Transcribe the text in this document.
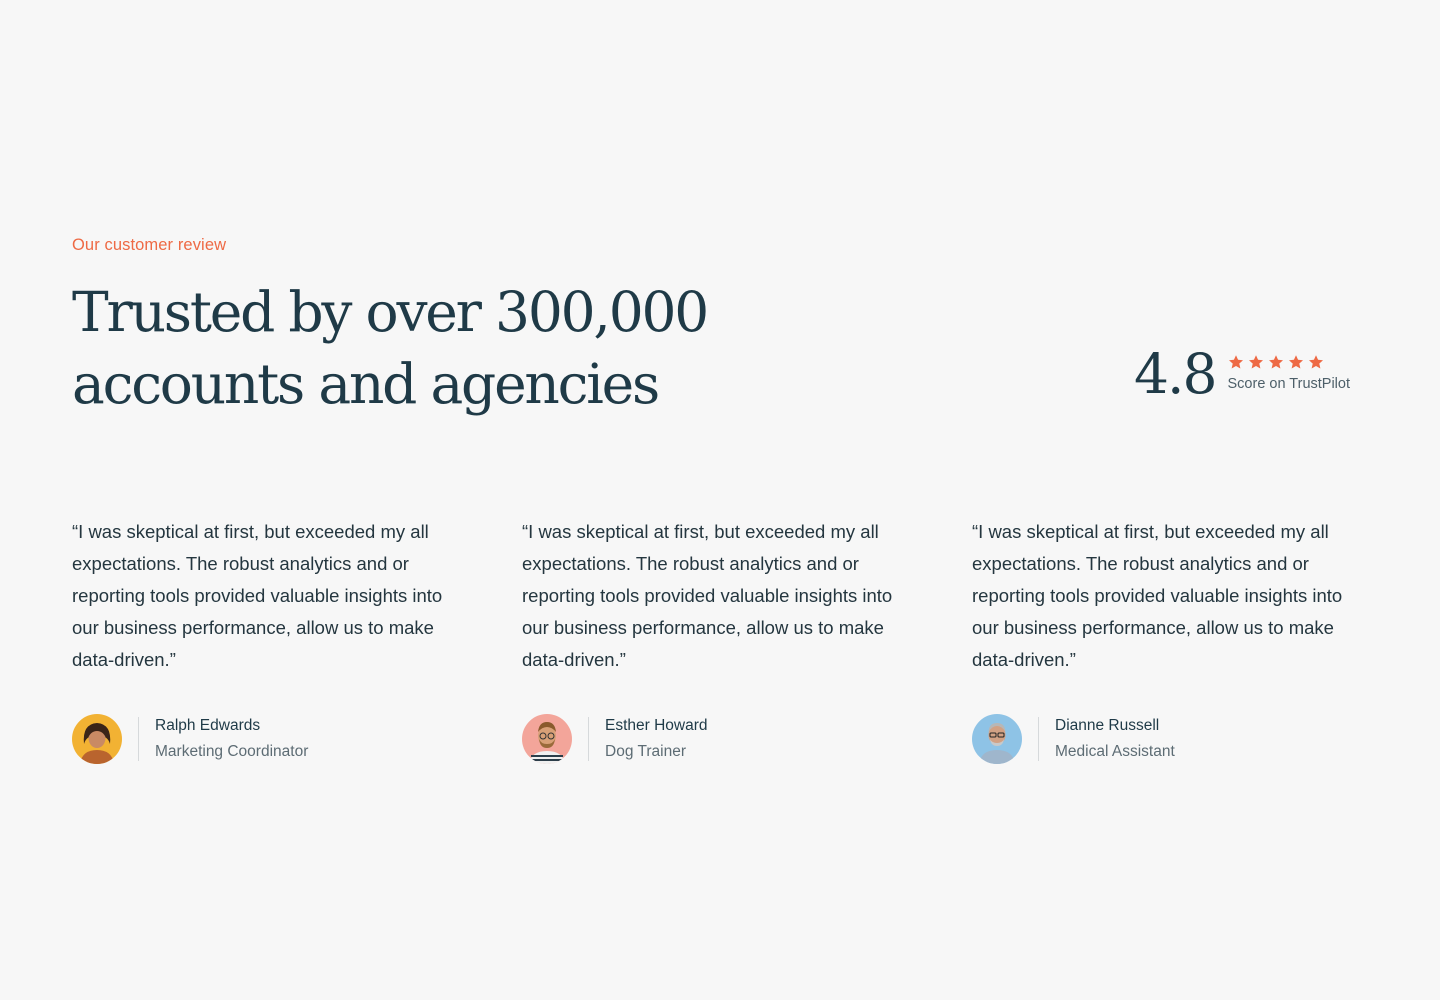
Our customer review
Trusted by over 300,000
accounts and agencies	4.8 Score on TrustPilot

“I was skeptical at first, but exceeded my all expectations. The robust analytics and or reporting tools provided valuable insights into our business performance, allow us to make data-driven.”

Ralph Edwards
Marketing Coordinator

“I was skeptical at first, but exceeded my all expectations. The robust analytics and or reporting tools provided valuable insights into our business performance, allow us to make data-driven.”

Esther Howard
Dog Trainer

“I was skeptical at first, but exceeded my all expectations. The robust analytics and or reporting tools provided valuable insights into our business performance, allow us to make data-driven.”

Dianne Russell
Medical Assistant
